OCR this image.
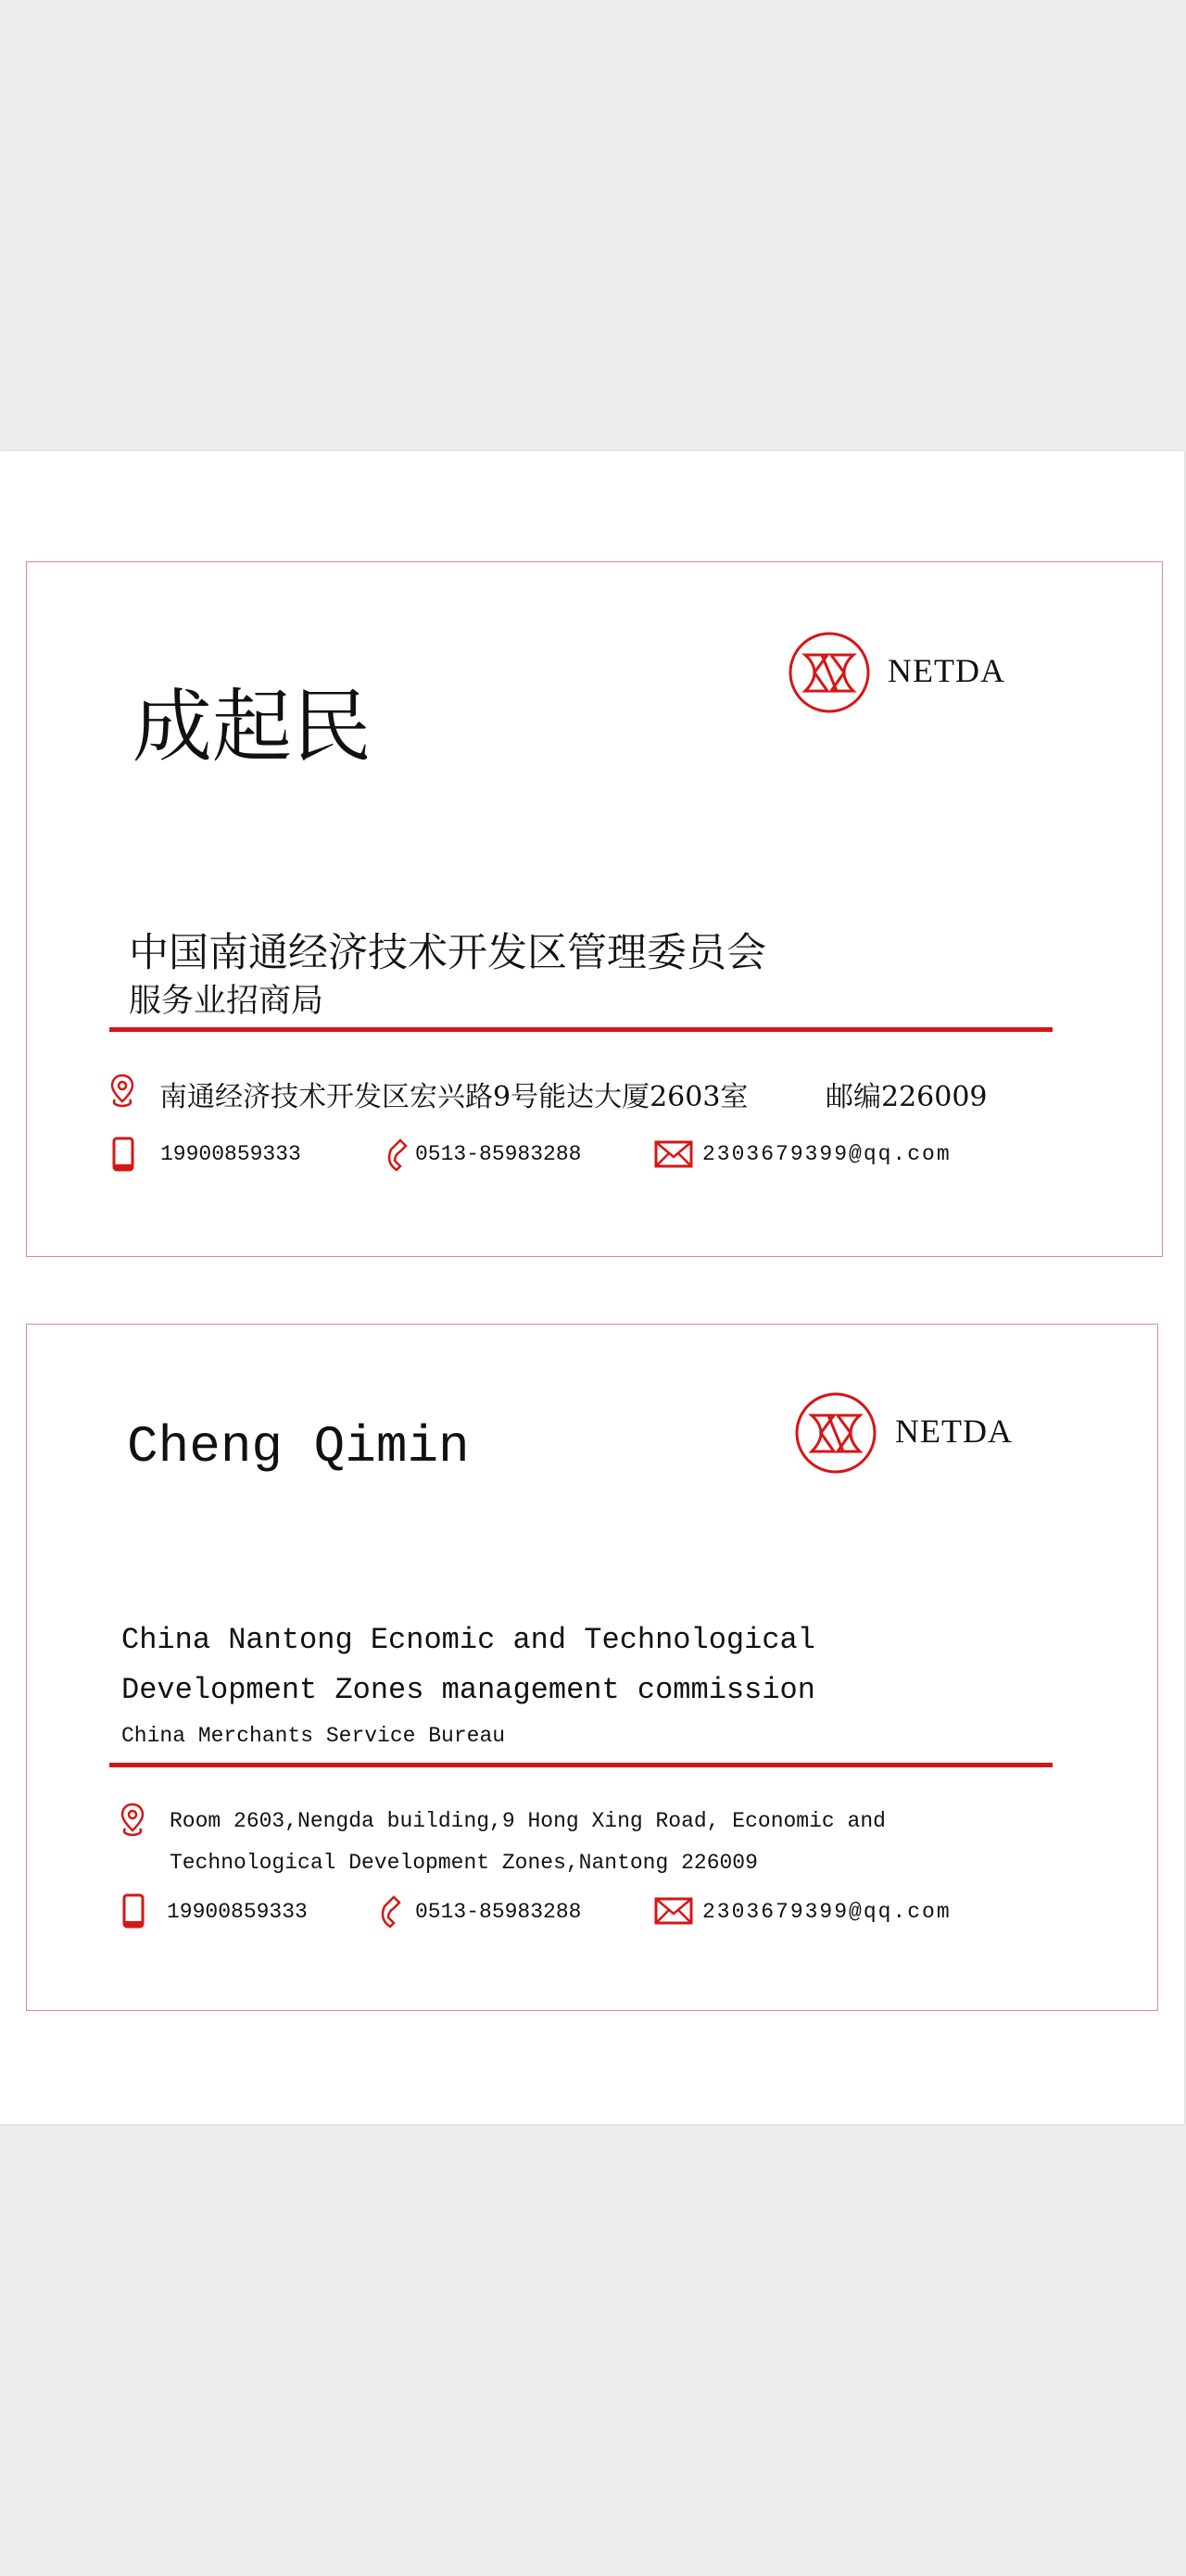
成起民
NETDA
中国南通经济技术开发区管理委员会
服务业招商局
南通经济技术开发区宏兴路9号能达大厦2603室	邮编226009
19900859333	0513-85983288	2303679399@qq.com
Cheng Qimin	NETDA
China Nantong Ecnomic and Technological
Development Zones management commission
China Merchants Service Bureau
Room 2603,Nengda building,9 Hong Xing Road, Economic and
Technological Development Zones,Nantong 226009
19900859333	0513-85983288	2303679399@qq.com
